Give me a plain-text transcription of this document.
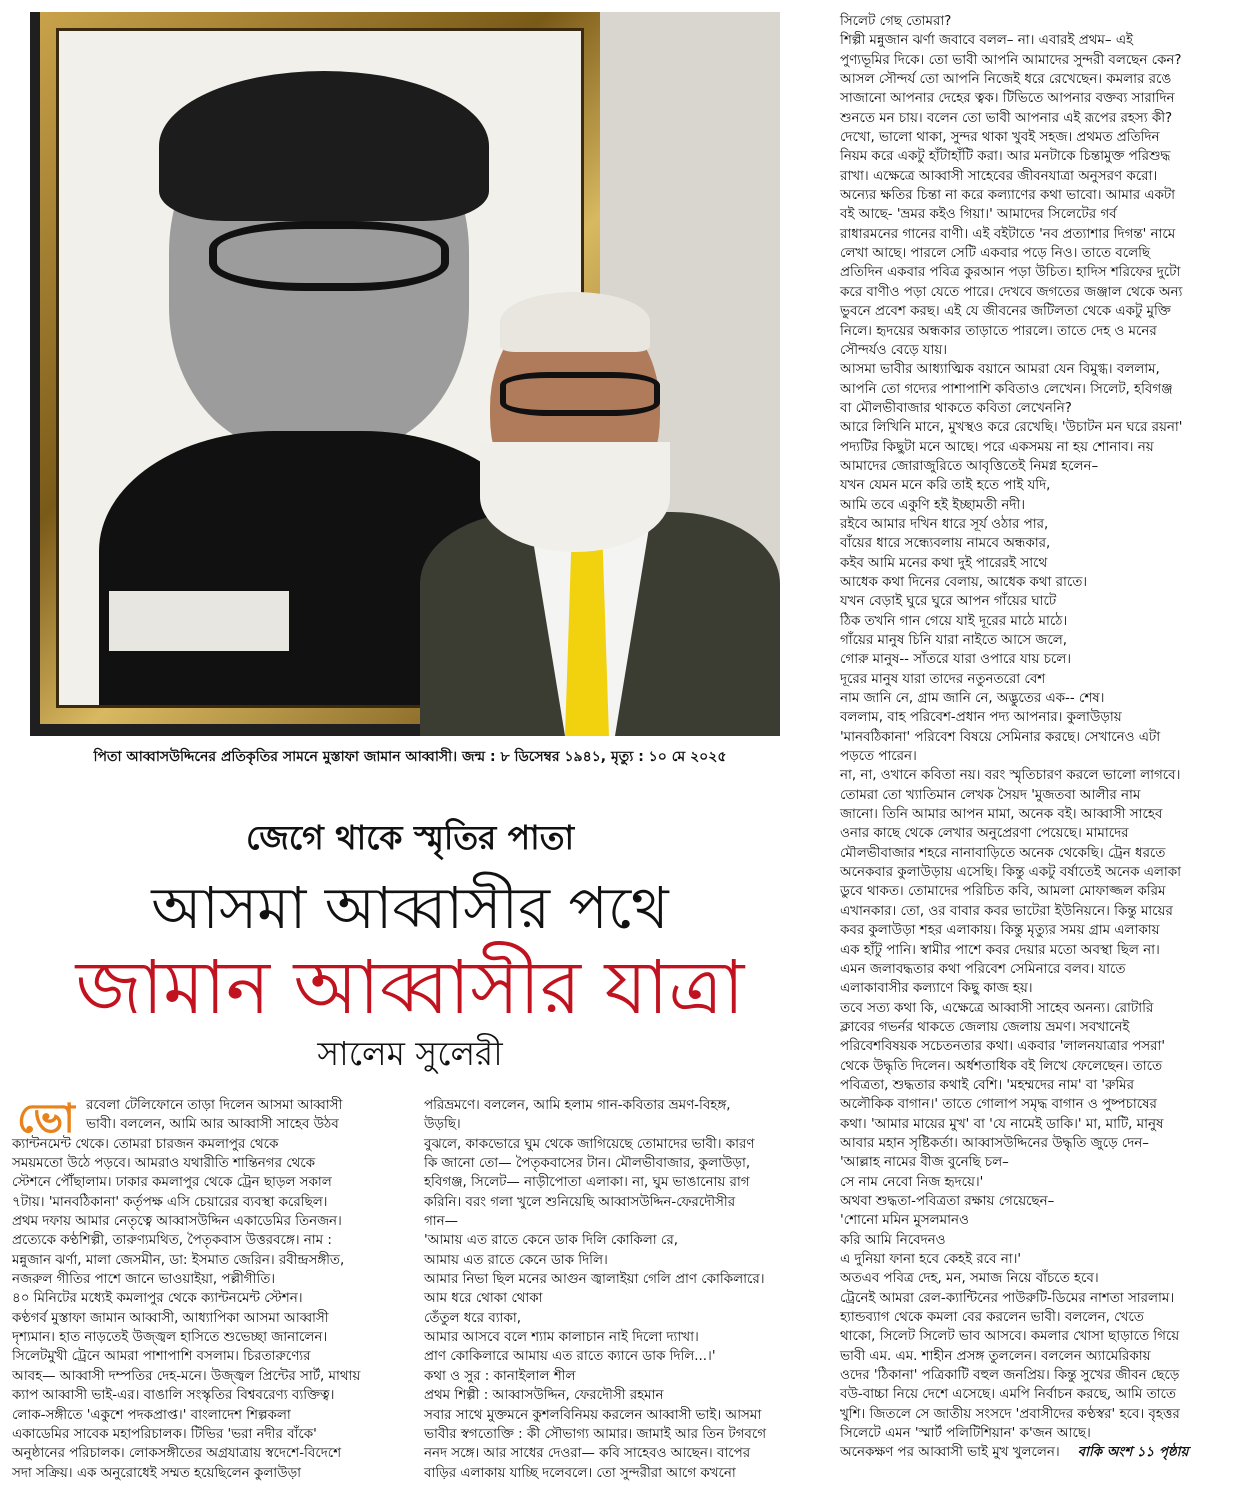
পিতা আব্বাসউদ্দিনের প্রতিকৃতির সামনে মুস্তাফা জামান আব্বাসী। জন্ম : ৮ ডিসেম্বর ১৯৪১, মৃত্যু : ১০ মে ২০২৫
জেগে থাকে স্মৃতির পাতা
আসমা আব্বাসীর পথে
জামান আব্বাসীর যাত্রা
সালেম সুলেরী
ভো রবেলা টেলিফোনে তাড়া দিলেন আসমা আব্বাসী

ভাবী। বললেন, আমি আর আব্বাসী সাহেব উঠব

ক্যান্টনমেন্ট থেকে। তোমরা চারজন কমলাপুর থেকে

সময়মতো উঠে পড়বে। আমরাও যথারীতি শান্তিনগর থেকে

স্টেশনে পৌঁছালাম। ঢাকার কমলাপুর থেকে ট্রেন ছাড়ল সকাল

৭টায়। 'মানবঠিকানা' কর্তৃপক্ষ এসি চেয়ারের ব্যবস্থা করেছিল।

প্রথম দফায় আমার নেতৃত্বে আব্বাসউদ্দিন একাডেমির তিনজন।

প্রত্যেকে কণ্ঠশিল্পী, তারুণ্যমথিত, পৈতৃকবাস উত্তরবঙ্গে। নাম :

মন্নুজান ঝর্ণা, মালা জেসমীন, ডা: ইসমাত জেরিন। রবীন্দ্রসঙ্গীত,

নজরুল গীতির পাশে জানে ভাওয়াইয়া, পল্লীগীতি।

৪০ মিনিটের মধ্যেই কমলাপুর থেকে ক্যান্টনমেন্ট স্টেশন।

কণ্ঠগর্ব মুস্তাফা জামান আব্বাসী, আধ্যাপিকা আসমা আব্বাসী

দৃশ্যমান। হাত নাড়তেই উজ্জ্বল হাসিতে শুভেচ্ছা জানালেন।

সিলেটমুখী ট্রেনে আমরা পাশাপাশি বসলাম। চিরতারুণ্যের

আবহ— আব্বাসী দম্পতির দেহ-মনে। উজ্জ্বল প্রিন্টের সার্ট, মাথায়

ক্যাপ আব্বাসী ভাই-এর। বাঙালি সংস্কৃতির বিশ্ববরেণ্য ব্যক্তিত্ব।

লোক-সঙ্গীতে 'একুশে পদকপ্রাপ্ত।' বাংলাদেশ শিল্পকলা

একাডেমির সাবেক মহাপরিচালক। টিভির 'ভরা নদীর বাঁকে'

অনুষ্ঠানের পরিচালক। লোকসঙ্গীতের অগ্রযাত্রায় স্বদেশে-বিদেশে

সদা সক্রিয়। এক অনুরোধেই সম্মত হয়েছিলেন কুলাউড়া

পরিভ্রমণে। বললেন, আমি হলাম গান-কবিতার ভ্রমণ-বিহঙ্গ,

উড়ছি।

বুঝলে, কাকভোরে ঘুম থেকে জাগিয়েছে তোমাদের ভাবী। কারণ

কি জানো তো— পৈতৃকবাসের টান। মৌলভীবাজার, কুলাউড়া,

হবিগঞ্জ, সিলেট— নাড়ীপোতা এলাকা। না, ঘুম ভাঙানোয় রাগ

করিনি। বরং গলা খুলে শুনিয়েছি আব্বাসউদ্দিন-ফেরদৌসীর

গান—

'আমায় এত রাতে কেনে ডাক দিলি কোকিলা রে,

আমায় এত রাতে কেনে ডাক দিলি।

আমার নিভা ছিল মনের আগুন জ্বালাইয়া গেলি প্রাণ কোকিলারে।

আম ধরে থোকা থোকা

তেঁতুল ধরে ব্যাকা,

আমার আসবে বলে শ্যাম কালাচান নাই দিলো দ্যাখা।

প্রাণ কোকিলারে আমায় এত রাতে ক্যানে ডাক দিলি...।'

কথা ও সুর : কানাইলাল শীল

প্রথম শিল্পী : আব্বাসউদ্দিন, ফেরদৌসী রহমান

সবার সাথে মুক্তমনে কুশলবিনিময় করলেন আব্বাসী ভাই। আসমা

ভাবীর স্বগতোক্তি : কী সৌভাগ্য আমার। জামাই আর তিন টগবগে

ননদ সঙ্গে। আর সাধের দেওরা— কবি সাহেবও আছেন। বাপের

বাড়ির এলাকায় যাচ্ছি দলেবলে। তো সুন্দরীরা আগে কখনো

সিলেট গেছ তোমরা?

শিল্পী মন্নুজান ঝর্ণা জবাবে বলল– না। এবারই প্রথম– এই

পুণ্যভূমির দিকে। তো ভাবী আপনি আমাদের সুন্দরী বলছেন কেন?

আসল সৌন্দর্য তো আপনি নিজেই ধরে রেখেছেন। কমলার রঙে

সাজানো আপনার দেহের ত্বক। টিভিতে আপনার বক্তব্য সারাদিন

শুনতে মন চায়। বলেন তো ভাবী আপনার এই রূপের রহস্য কী?

দেখো, ভালো থাকা, সুন্দর থাকা খুবই সহজ। প্রথমত প্রতিদিন

নিয়ম করে একটু হাঁটাহাঁটি করা। আর মনটাকে চিন্তামুক্ত পরিশুদ্ধ

রাখা। এক্ষেত্রে আব্বাসী সাহেবের জীবনযাত্রা অনুসরণ করো।

অন্যের ক্ষতির চিন্তা না করে কল্যাণের কথা ভাবো। আমার একটা

বই আছে- 'ভ্রমর কইও গিয়া।' আমাদের সিলেটের গর্ব

রাধারমনের গানের বাণী। এই বইটাতে 'নব প্রত্যাশার দিগন্ত' নামে

লেখা আছে। পারলে সেটি একবার পড়ে নিও। তাতে বলেছি

প্রতিদিন একবার পবিত্র কুরআন পড়া উচিত। হাদিস শরিফের দুটো

করে বাণীও পড়া যেতে পারে। দেখবে জগতের জঞ্জাল থেকে অন্য

ভুবনে প্রবেশ করছ। এই যে জীবনের জটিলতা থেকে একটু মুক্তি

নিলে। হৃদয়ের অন্ধকার তাড়াতে পারলে। তাতে দেহ ও মনের

সৌন্দর্যও বেড়ে যায়।

আসমা ভাবীর আধ্যাত্মিক বয়ানে আমরা যেন বিমুগ্ধ। বললাম,

আপনি তো গদ্যের পাশাপাশি কবিতাও লেখেন। সিলেট, হবিগঞ্জ

বা মৌলভীবাজার থাকতে কবিতা লেখেননি?

আরে লিখিনি মানে, মুখস্থও করে রেখেছি। 'উচাটন মন ঘরে রয়না'

পদ্যটির কিছুটা মনে আছে। পরে একসময় না হয় শোনাব। নয়

আমাদের জোরাজুরিতে আবৃত্তিতেই নিমগ্ন হলেন–

যখন যেমন মনে করি তাই হতে পাই যদি,

আমি তবে একুণি হই ইচ্ছামতী নদী।

রইবে আমার দখিন ধারে সূর্য ওঠার পার,

বাঁয়ের ধারে সন্ধ্যেবলায় নামবে অন্ধকার,

কইব আমি মনের কথা দুই পারেরই সাথে

আধেক কথা দিনের বেলায়, আধেক কথা রাতে।

যখন বেড়াই ঘুরে ঘুরে আপন গাঁয়ের ঘাটে

ঠিক তখনি গান গেয়ে যাই দূরের মাঠে মাঠে।

গাঁয়ের মানুষ চিনি যারা নাইতে আসে জলে,

গোরু মানুষ-- সাঁতরে যারা ওপারে যায় চলে।

দূরের মানুষ যারা তাদের নতুনতরো বেশ

নাম জানি নে, গ্রাম জানি নে, অদ্ভুতের এক-- শেষ।

বললাম, বাহ পরিবেশ-প্রধান পদ্য আপনার। কুলাউড়ায়

'মানবঠিকানা' পরিবেশ বিষয়ে সেমিনার করছে। সেখানেও এটা

পড়তে পারেন।

না, না, ওখানে কবিতা নয়। বরং স্মৃতিচারণ করলে ভালো লাগবে।

তোমরা তো খ্যাতিমান লেখক সৈয়দ 'মুজতবা আলীর নাম

জানো। তিনি আমার আপন মামা, অনেক বই। আব্বাসী সাহেব

ওনার কাছে থেকে লেখার অনুপ্রেরণা পেয়েছে। মামাদের

মৌলভীবাজার শহরে নানাবাড়িতে অনেক থেকেছি। ট্রেন ধরতে

অনেকবার কুলাউড়ায় এসেছি। কিন্তু একটু বর্ষাতেই অনেক এলাকা

ডুবে থাকত। তোমাদের পরিচিত কবি, আমলা মোফাজ্জল করিম

এখানকার। তো, ওর বাবার কবর ভাটেরা ইউনিয়নে। কিন্তু মায়ের

কবর কুলাউড়া শহর এলাকায়। কিন্তু মৃত্যুর সময় গ্রাম এলাকায়

এক হাঁটু পানি। স্বামীর পাশে কবর দেয়ার মতো অবস্থা ছিল না।

এমন জলাবদ্ধতার কথা পরিবেশ সেমিনারে বলব। যাতে

এলাকাবাসীর কল্যাণে কিছু কাজ হয়।

তবে সত্য কথা কি, এক্ষেত্রে আব্বাসী সাহেব অনন্য। রোটারি

ক্লাবের গভর্নর থাকতে জেলায় জেলায় ভ্রমণ। সবখানেই

পরিবেশবিষয়ক সচেতনতার কথা। একবার 'লালনযাত্রার পসরা'

থেকে উদ্ধৃতি দিলেন। অর্ধশতাধিক বই লিখে ফেলেছেন। তাতে

পবিত্রতা, শুদ্ধতার কথাই বেশি। 'মহম্মদের নাম' বা 'রুমির

অলৌকিক বাগান।' তাতে গোলাপ সমৃদ্ধ বাগান ও পুষ্পচাষের

কথা। 'আমার মায়ের মুখ' বা 'যে নামেই ডাকি।' মা, মাটি, মানুষ

আবার মহান সৃষ্টিকর্তা। আব্বাসউদ্দিনের উদ্ধৃতি জুড়ে দেন–

'আল্লাহ নামের বীজ বুনেছি চল–

সে নাম নেবো নিজ হৃদয়ে।'

অথবা শুদ্ধতা-পবিত্রতা রক্ষায় গেয়েছেন–

'শোনো মমিন মুসলমানও

করি আমি নিবেদনও

এ দুনিয়া ফানা হবে কেহই রবে না।'

অতএব পবিত্র দেহ, মন, সমাজ নিয়ে বাঁচতে হবে।

ট্রেনেই আমরা রেল-ক্যান্টিনের পাউরুটি-ডিমের নাশতা সারলাম।

হ্যান্ডব্যাগ থেকে কমলা বের করলেন ভাবী। বললেন, খেতে

থাকো, সিলেট সিলেট ভাব আসবে। কমলার খোসা ছাড়াতে গিয়ে

ভাবী এম. এম. শাহীন প্রসঙ্গ তুললেন। বললেন অ্যামেরিকায়

ওদের 'ঠিকানা' পত্রিকাটি বহুল জনপ্রিয়। কিন্তু সুখের জীবন ছেড়ে

বউ-বাচ্চা নিয়ে দেশে এসেছে। এমপি নির্বাচন করছে, আমি তাতে

খুশি। জিতলে সে জাতীয় সংসদে 'প্রবাসীদের কণ্ঠস্বর' হবে। বৃহত্তর

সিলেটে এমন 'স্মার্ট পলিটিশিয়ান' ক'জন আছে।

অনেকক্ষণ পর আব্বাসী ভাই মুখ খুললেন। বাকি অংশ ১১ পৃষ্ঠায়
